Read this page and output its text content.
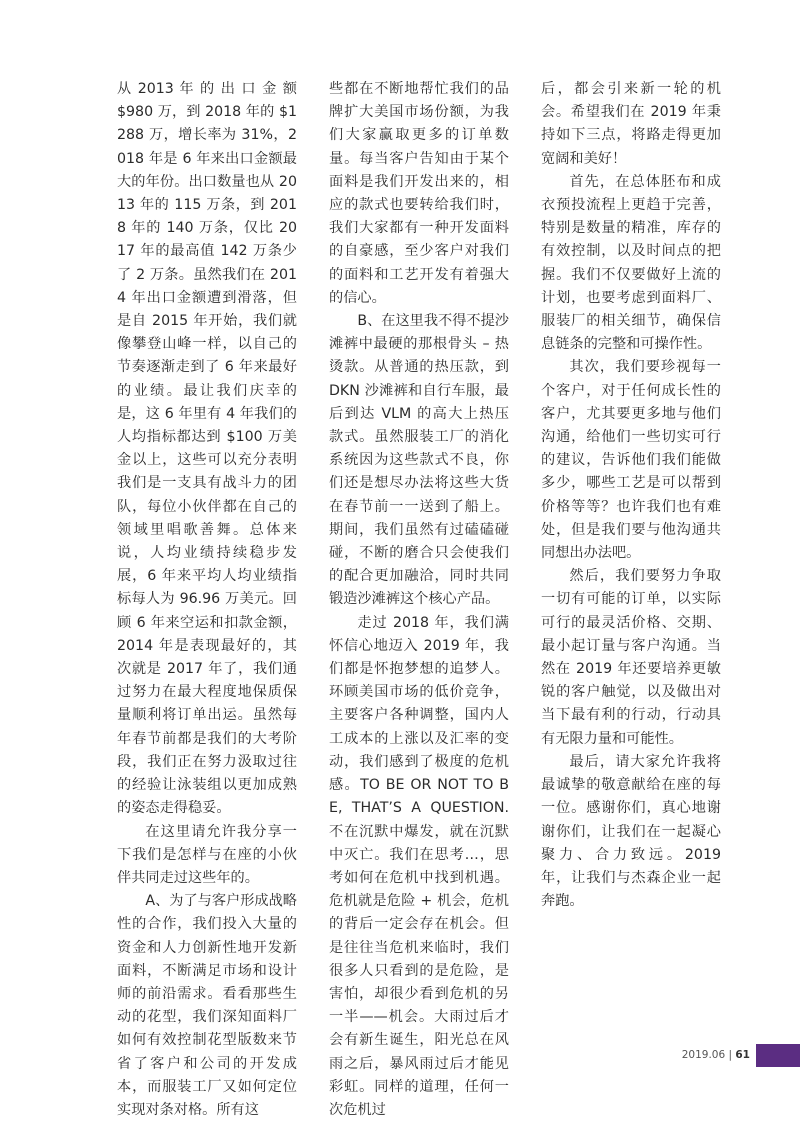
从 2013 年 的 出 口 金 额 $980 万，到 2018 年的 $1288 万，增长率为 31%，2018 年是 6 年来出口金额最大的年份。出口数量也从 2013 年的 115 万条，到 2018 年的 140 万条，仅比 2017 年的最高值 142 万条少了 2 万条。虽然我们在 2014 年出口金额遭到滑落，但是自 2015 年开始，我们就像攀登山峰一样，以自己的节奏逐渐走到了 6 年来最好的业绩。最让我们庆幸的是，这 6 年里有 4 年我们的人均指标都达到 $100 万美金以上，这些可以充分表明我们是一支具有战斗力的团队，每位小伙伴都在自己的领域里唱歌善舞。总体来说，人均业绩持续稳步发展，6 年来平均人均业绩指标每人为 96.96 万美元。回顾 6 年来空运和扣款金额，2014 年是表现最好的，其次就是 2017 年了，我们通过努力在最大程度地保质保量顺利将订单出运。虽然每年春节前都是我们的大考阶段，我们正在努力汲取过往的经验让泳装组以更加成熟的姿态走得稳妥。

在这里请允许我分享一下我们是怎样与在座的小伙伴共同走过这些年的。

A、为了与客户形成战略性的合作，我们投入大量的资金和人力创新性地开发新面料，不断满足市场和设计师的前沿需求。看看那些生动的花型，我们深知面料厂如何有效控制花型版数来节省了客户和公司的开发成本，而服装工厂又如何定位实现对条对格。所有这

些都在不断地帮忙我们的品牌扩大美国市场份额，为我们大家赢取更多的订单数量。每当客户告知由于某个面料是我们开发出来的，相应的款式也要转给我们时，我们大家都有一种开发面料的自豪感，至少客户对我们的面料和工艺开发有着强大的信心。

B、在这里我不得不提沙滩裤中最硬的那根骨头 – 热烫款。从普通的热压款，到 DKN 沙滩裤和自行车服，最后到达 VLM 的高大上热压款式。虽然服装工厂的消化系统因为这些款式不良，你们还是想尽办法将这些大货在春节前一一送到了船上。期间，我们虽然有过磕磕碰碰，不断的磨合只会使我们的配合更加融洽，同时共同锻造沙滩裤这个核心产品。

走过 2018 年，我们满怀信心地迈入 2019 年，我们都是怀抱梦想的追梦人。环顾美国市场的低价竞争，主要客户各种调整，国内人工成本的上涨以及汇率的变动，我们感到了极度的危机感。TO BE OR NOT TO BE, THAT’S A QUESTION. 不在沉默中爆发，就在沉默中灭亡。我们在思考…，思考如何在危机中找到机遇。危机就是危险 + 机会，危机的背后一定会存在机会。但是往往当危机来临时，我们很多人只看到的是危险，是害怕，却很少看到危机的另一半——机会。大雨过后才会有新生诞生，阳光总在风雨之后，暴风雨过后才能见彩虹。同样的道理，任何一次危机过

后，都会引来新一轮的机会。希望我们在 2019 年秉持如下三点，将路走得更加宽阔和美好！

首先，在总体胚布和成衣预投流程上更趋于完善，特别是数量的精准，库存的有效控制，以及时间点的把握。我们不仅要做好上流的计划，也要考虑到面料厂、服装厂的相关细节，确保信息链条的完整和可操作性。

其次，我们要珍视每一个客户，对于任何成长性的客户，尤其要更多地与他们沟通，给他们一些切实可行的建议，告诉他们我们能做多少，哪些工艺是可以帮到价格等等？也许我们也有难处，但是我们要与他沟通共同想出办法吧。

然后，我们要努力争取一切有可能的订单，以实际可行的最灵活价格、交期、最小起订量与客户沟通。当然在 2019 年还要培养更敏锐的客户触觉，以及做出对当下最有利的行动，行动具有无限力量和可能性。

最后，请大家允许我将最诚挚的敬意献给在座的每一位。感谢你们，真心地谢谢你们，让我们在一起凝心聚力、合力致远。2019 年，让我们与杰森企业一起奔跑。

2019.06 | 61
